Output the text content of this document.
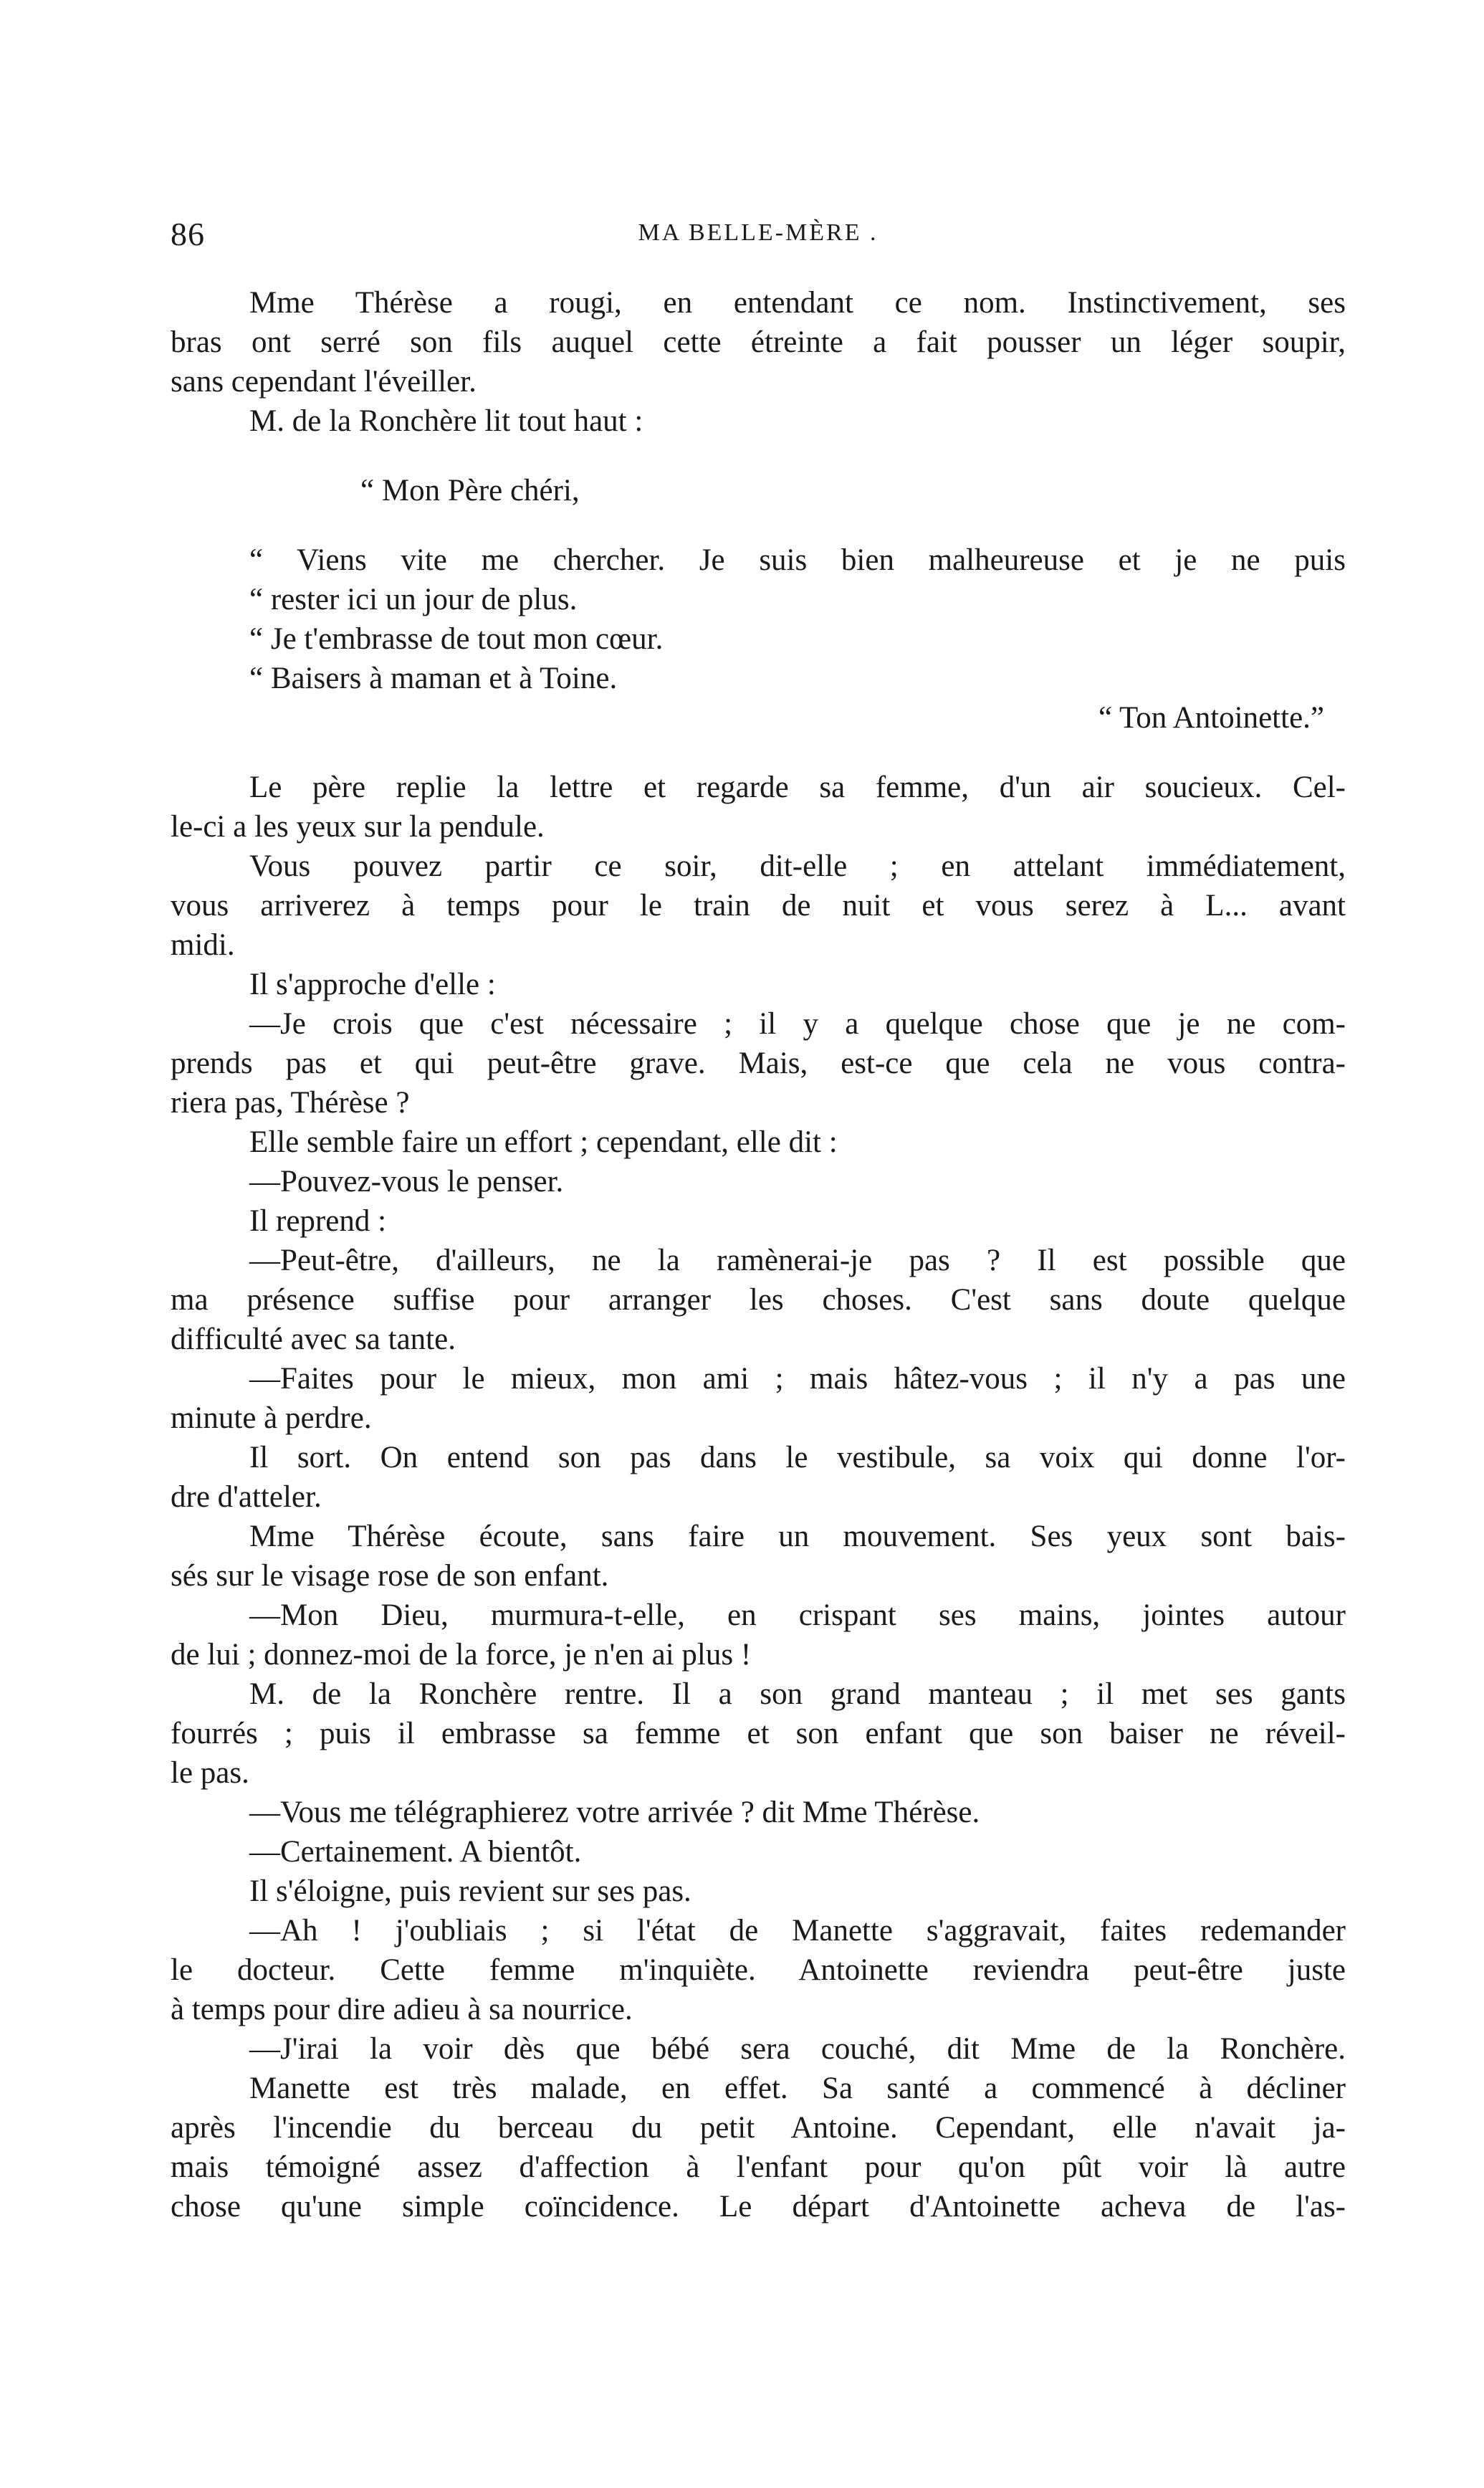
86	MA BELLE-MÈRE .
Mme Thérèse a rougi, en entendant ce nom. Instinctivement, ses
bras ont serré son fils auquel cette étreinte a fait pousser un léger soupir,
sans cependant l'éveiller.
M. de la Ronchère lit tout haut :
“ Mon Père chéri,
“ Viens vite me chercher. Je suis bien malheureuse et je ne puis
“ rester ici un jour de plus.
“ Je t'embrasse de tout mon cœur.
“ Baisers à maman et à Toine.
“ Ton Antoinette.”
Le père replie la lettre et regarde sa femme, d'un air soucieux. Cel-
le-ci a les yeux sur la pendule.
Vous pouvez partir ce soir, dit-elle ; en attelant immédiatement,
vous arriverez à temps pour le train de nuit et vous serez à L... avant
midi.
Il s'approche d'elle :
—Je crois que c'est nécessaire ; il y a quelque chose que je ne com-
prends pas et qui peut-être grave. Mais, est-ce que cela ne vous contra-
riera pas, Thérèse ?
Elle semble faire un effort ; cependant, elle dit :
—Pouvez-vous le penser.
Il reprend :
—Peut-être, d'ailleurs, ne la ramènerai-je pas ? Il est possible que
ma présence suffise pour arranger les choses. C'est sans doute quelque
difficulté avec sa tante.
—Faites pour le mieux, mon ami ; mais hâtez-vous ; il n'y a pas une
minute à perdre.
Il sort. On entend son pas dans le vestibule, sa voix qui donne l'or-
dre d'atteler.
Mme Thérèse écoute, sans faire un mouvement. Ses yeux sont bais-
sés sur le visage rose de son enfant.
—Mon Dieu, murmura-t-elle, en crispant ses mains, jointes autour
de lui ; donnez-moi de la force, je n'en ai plus !
M. de la Ronchère rentre. Il a son grand manteau ; il met ses gants
fourrés ; puis il embrasse sa femme et son enfant que son baiser ne réveil-
le pas.
—Vous me télégraphierez votre arrivée ? dit Mme Thérèse.
—Certainement. A bientôt.
Il s'éloigne, puis revient sur ses pas.
—Ah ! j'oubliais ; si l'état de Manette s'aggravait, faites redemander
le docteur. Cette femme m'inquiète. Antoinette reviendra peut-être juste
à temps pour dire adieu à sa nourrice.
—J'irai la voir dès que bébé sera couché, dit Mme de la Ronchère.
Manette est très malade, en effet. Sa santé a commencé à décliner
après l'incendie du berceau du petit Antoine. Cependant, elle n'avait ja-
mais témoigné assez d'affection à l'enfant pour qu'on pût voir là autre
chose qu'une simple coïncidence. Le départ d'Antoinette acheva de l'as-
